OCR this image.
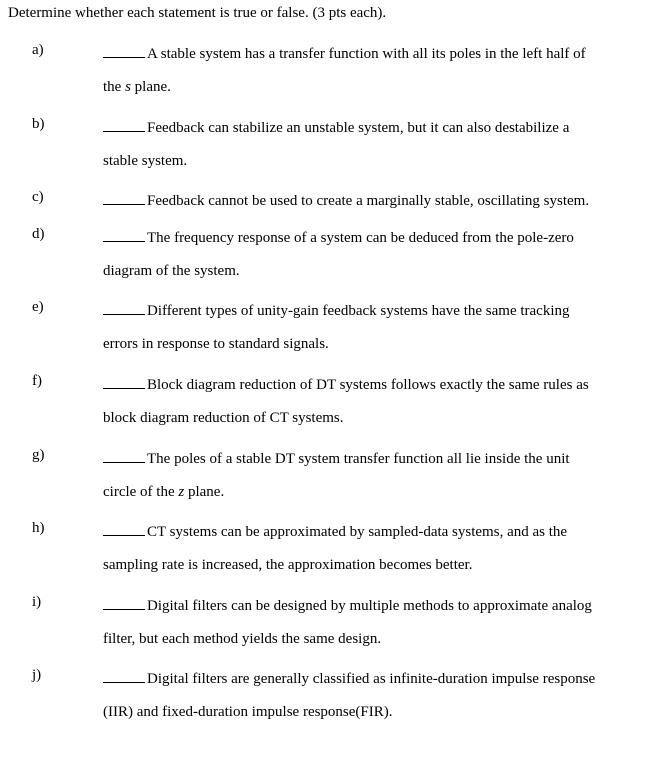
Determine whether each statement is true or false. (3 pts each).
a)	A stable system has a transfer function with all its poles in the left half of
the s plane.
b)	Feedback can stabilize an unstable system, but it can also destabilize a
stable system.
c)	Feedback cannot be used to create a marginally stable, oscillating system.
d)	The frequency response of a system can be deduced from the pole-zero
diagram of the system.
e)	Different types of unity-gain feedback systems have the same tracking
errors in response to standard signals.
f)	Block diagram reduction of DT systems follows exactly the same rules as
block diagram reduction of CT systems.
g)	The poles of a stable DT system transfer function all lie inside the unit
circle of the z plane.
h)	CT systems can be approximated by sampled-data systems, and as the
sampling rate is increased, the approximation becomes better.
i)	Digital filters can be designed by multiple methods to approximate analog
filter, but each method yields the same design.
j)	Digital filters are generally classified as infinite-duration impulse response
(IIR) and fixed-duration impulse response(FIR).
